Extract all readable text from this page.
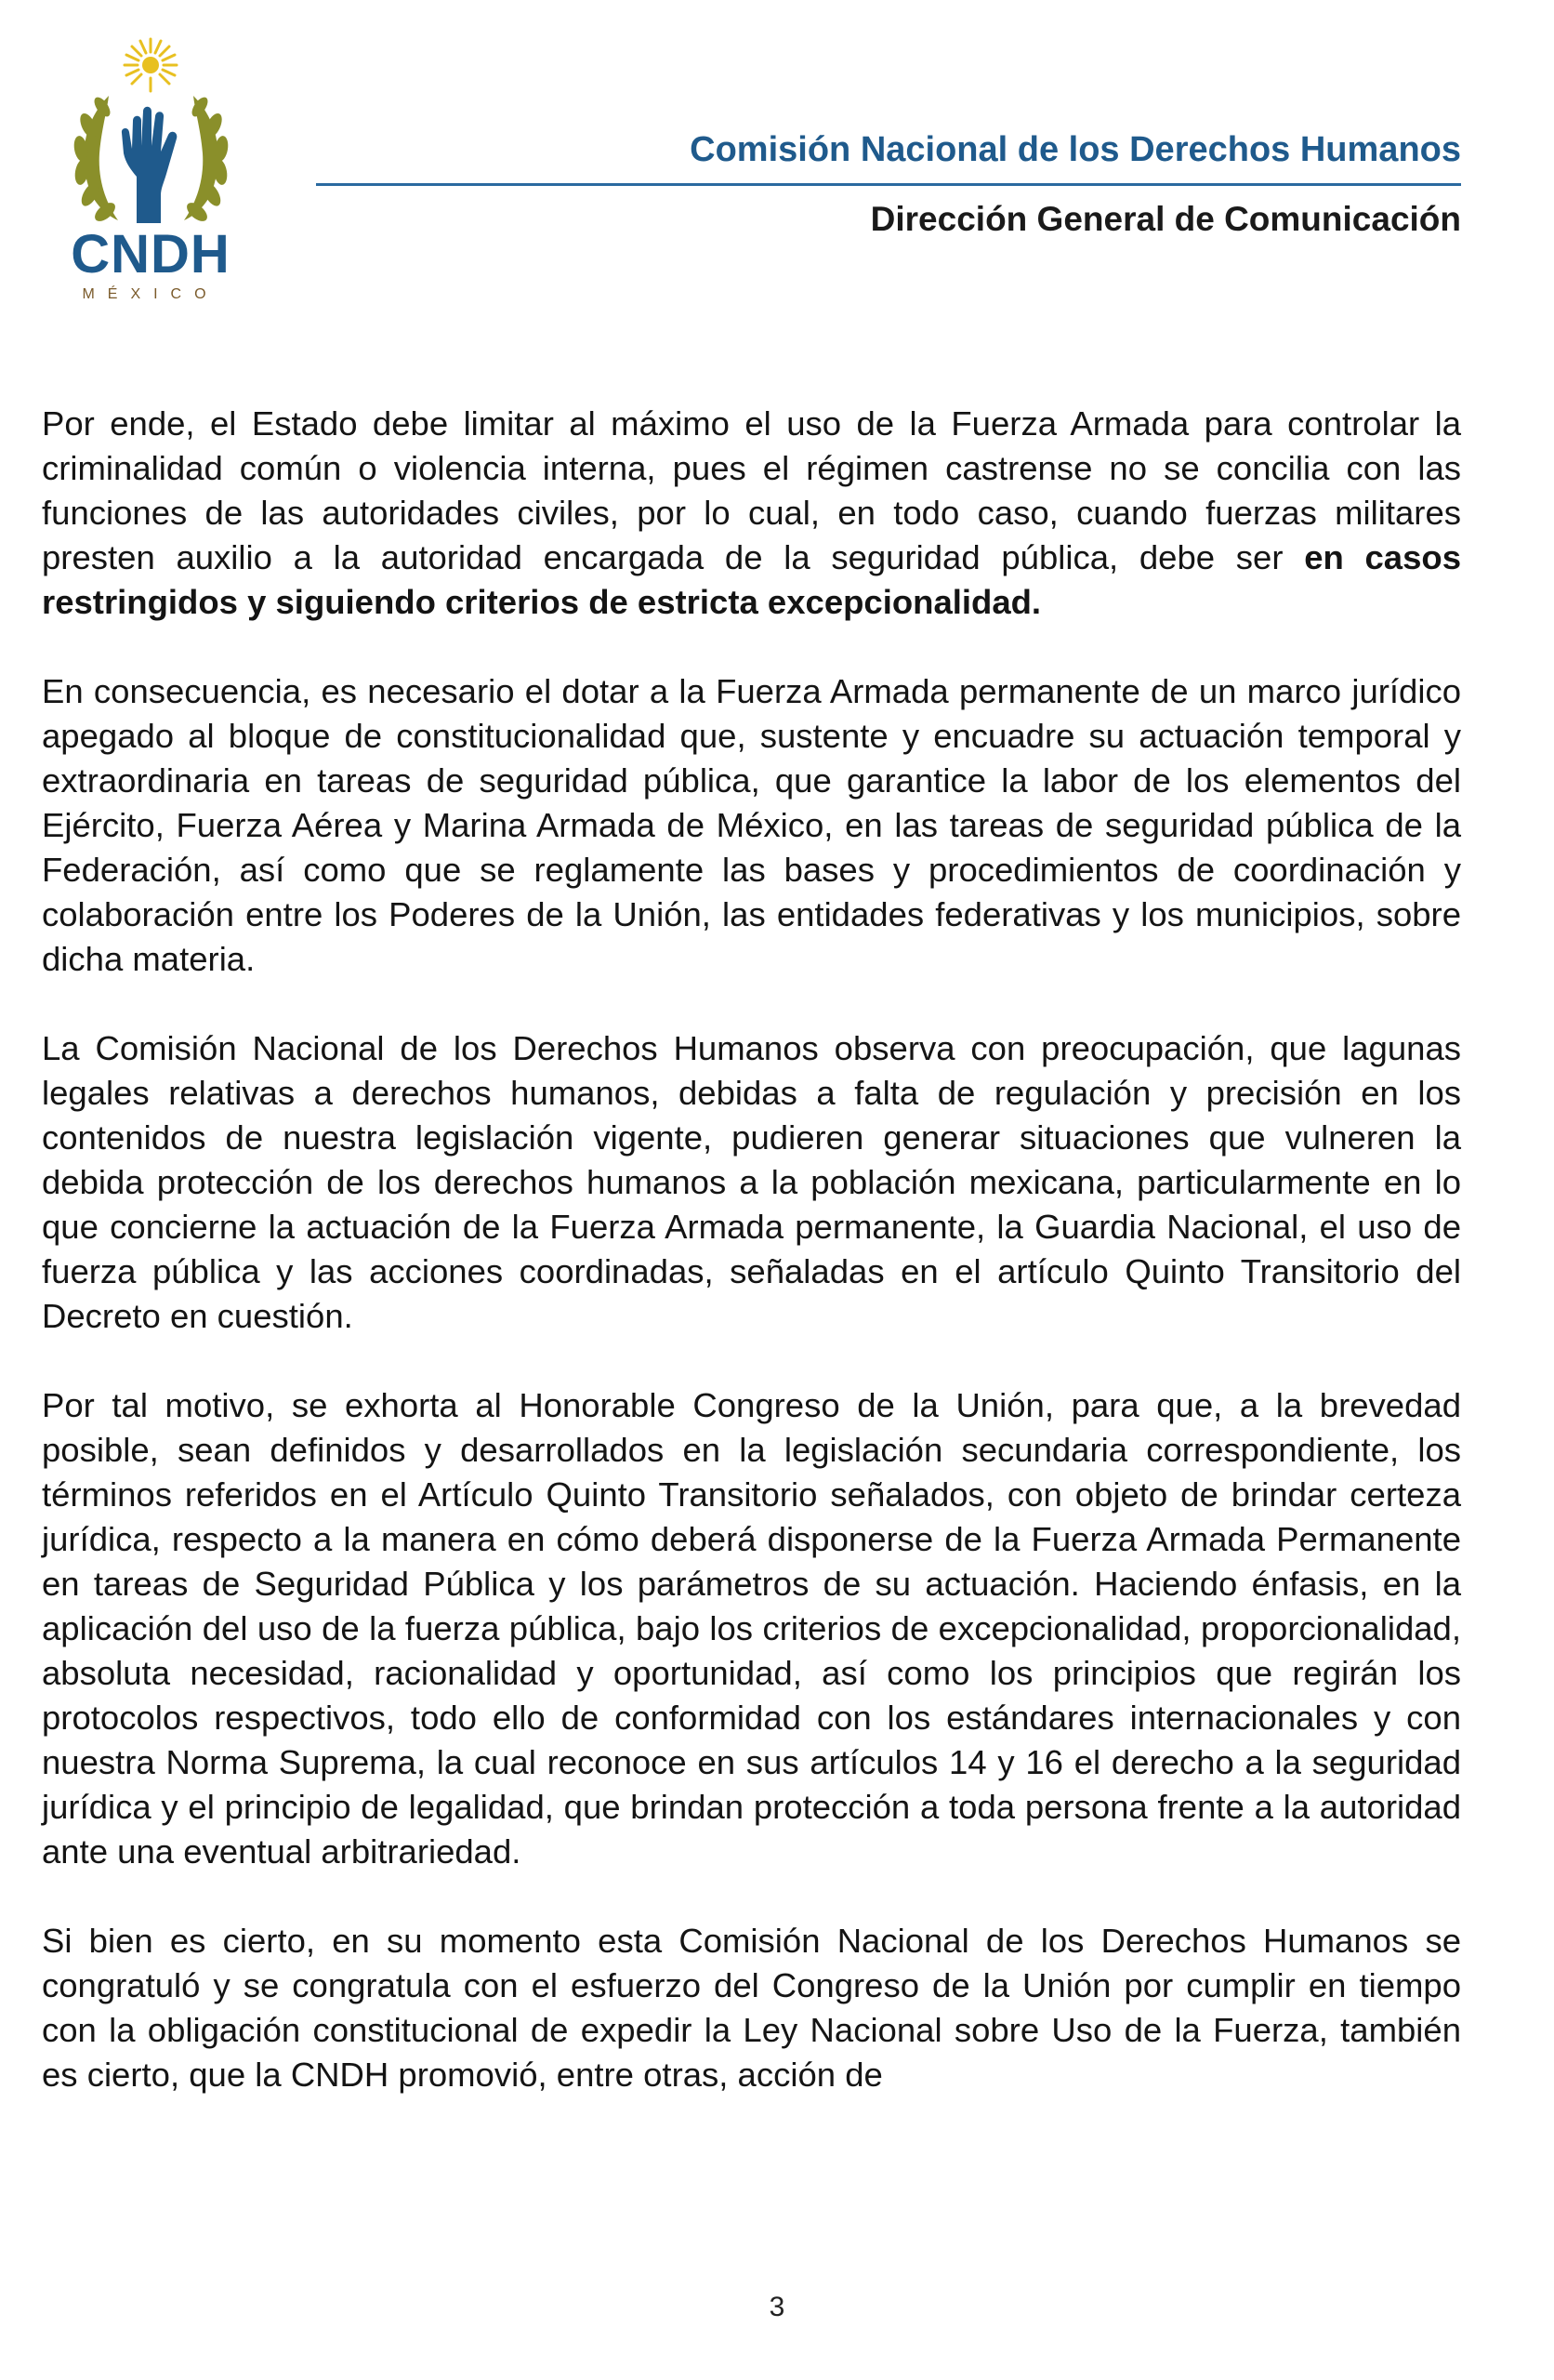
CNDH
MÉXICO
Comisión Nacional de los Derechos Humanos
Dirección General de Comunicación

Por ende, el Estado debe limitar al máximo el uso de la Fuerza Armada para controlar la criminalidad común o violencia interna, pues el régimen castrense no se concilia con las funciones de las autoridades civiles, por lo cual, en todo caso, cuando fuerzas militares presten auxilio a la autoridad encargada de la seguridad pública, debe ser en casos restringidos y siguiendo criterios de estricta excepcionalidad.

En consecuencia, es necesario el dotar a la Fuerza Armada permanente de un marco jurídico apegado al bloque de constitucionalidad que, sustente y encuadre su actuación temporal y extraordinaria en tareas de seguridad pública, que garantice la labor de los elementos del Ejército, Fuerza Aérea y Marina Armada de México, en las tareas de seguridad pública de la Federación, así como que se reglamente las bases y procedimientos de coordinación y colaboración entre los Poderes de la Unión, las entidades federativas y los municipios, sobre dicha materia.

La Comisión Nacional de los Derechos Humanos observa con preocupación, que lagunas legales relativas a derechos humanos, debidas a falta de regulación y precisión en los contenidos de nuestra legislación vigente, pudieren generar situaciones que vulneren la debida protección de los derechos humanos a la población mexicana, particularmente en lo que concierne la actuación de la Fuerza Armada permanente, la Guardia Nacional, el uso de fuerza pública y las acciones coordinadas, señaladas en el artículo Quinto Transitorio del Decreto en cuestión.

Por tal motivo, se exhorta al Honorable Congreso de la Unión, para que, a la brevedad posible, sean definidos y desarrollados en la legislación secundaria correspondiente, los términos referidos en el Artículo Quinto Transitorio señalados, con objeto de brindar certeza jurídica, respecto a la manera en cómo deberá disponerse de la Fuerza Armada Permanente en tareas de Seguridad Pública y los parámetros de su actuación. Haciendo énfasis, en la aplicación del uso de la fuerza pública, bajo los criterios de excepcionalidad, proporcionalidad, absoluta necesidad, racionalidad y oportunidad, así como los principios que regirán los protocolos respectivos, todo ello de conformidad con los estándares internacionales y con nuestra Norma Suprema, la cual reconoce en sus artículos 14 y 16 el derecho a la seguridad jurídica y el principio de legalidad, que brindan protección a toda persona frente a la autoridad ante una eventual arbitrariedad.

Si bien es cierto, en su momento esta Comisión Nacional de los Derechos Humanos se congratuló y se congratula con el esfuerzo del Congreso de la Unión por cumplir en tiempo con la obligación constitucional de expedir la Ley Nacional sobre Uso de la Fuerza, también es cierto, que la CNDH promovió, entre otras, acción de

3
